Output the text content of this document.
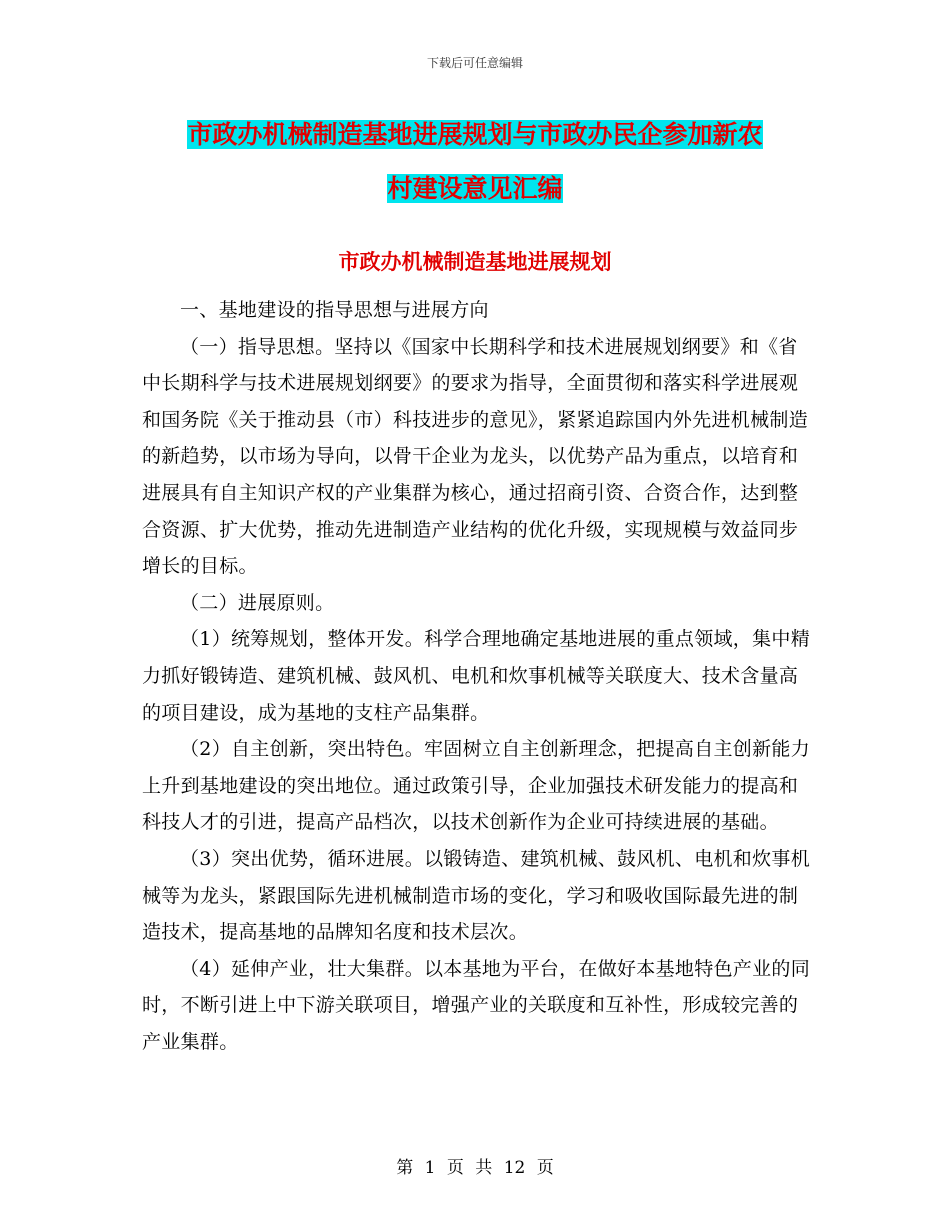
下载后可任意编辑
市政办机械制造基地进展规划与市政办民企参加新农
村建设意见汇编
市政办机械制造基地进展规划

一、基地建设的指导思想与进展方向

（一）指导思想。坚持以《国家中长期科学和技术进展规划纲要》和《省中长期科学与技术进展规划纲要》的要求为指导，全面贯彻和落实科学进展观和国务院《关于推动县（市）科技进步的意见》，紧紧追踪国内外先进机械制造的新趋势，以市场为导向，以骨干企业为龙头，以优势产品为重点，以培育和进展具有自主知识产权的产业集群为核心，通过招商引资、合资合作，达到整合资源、扩大优势，推动先进制造产业结构的优化升级，实现规模与效益同步增长的目标。

（二）进展原则。

（1）统筹规划，整体开发。科学合理地确定基地进展的重点领域，集中精力抓好锻铸造、建筑机械、鼓风机、电机和炊事机械等关联度大、技术含量高的项目建设，成为基地的支柱产品集群。

（2）自主创新，突出特色。牢固树立自主创新理念，把提高自主创新能力上升到基地建设的突出地位。通过政策引导，企业加强技术研发能力的提高和科技人才的引进，提高产品档次，以技术创新作为企业可持续进展的基础。

（3）突出优势，循环进展。以锻铸造、建筑机械、鼓风机、电机和炊事机械等为龙头，紧跟国际先进机械制造市场的变化，学习和吸收国际最先进的制造技术，提高基地的品牌知名度和技术层次。

（4）延伸产业，壮大集群。以本基地为平台，在做好本基地特色产业的同时，不断引进上中下游关联项目，增强产业的关联度和互补性，形成较完善的产业集群。

第 1 页 共 12 页
